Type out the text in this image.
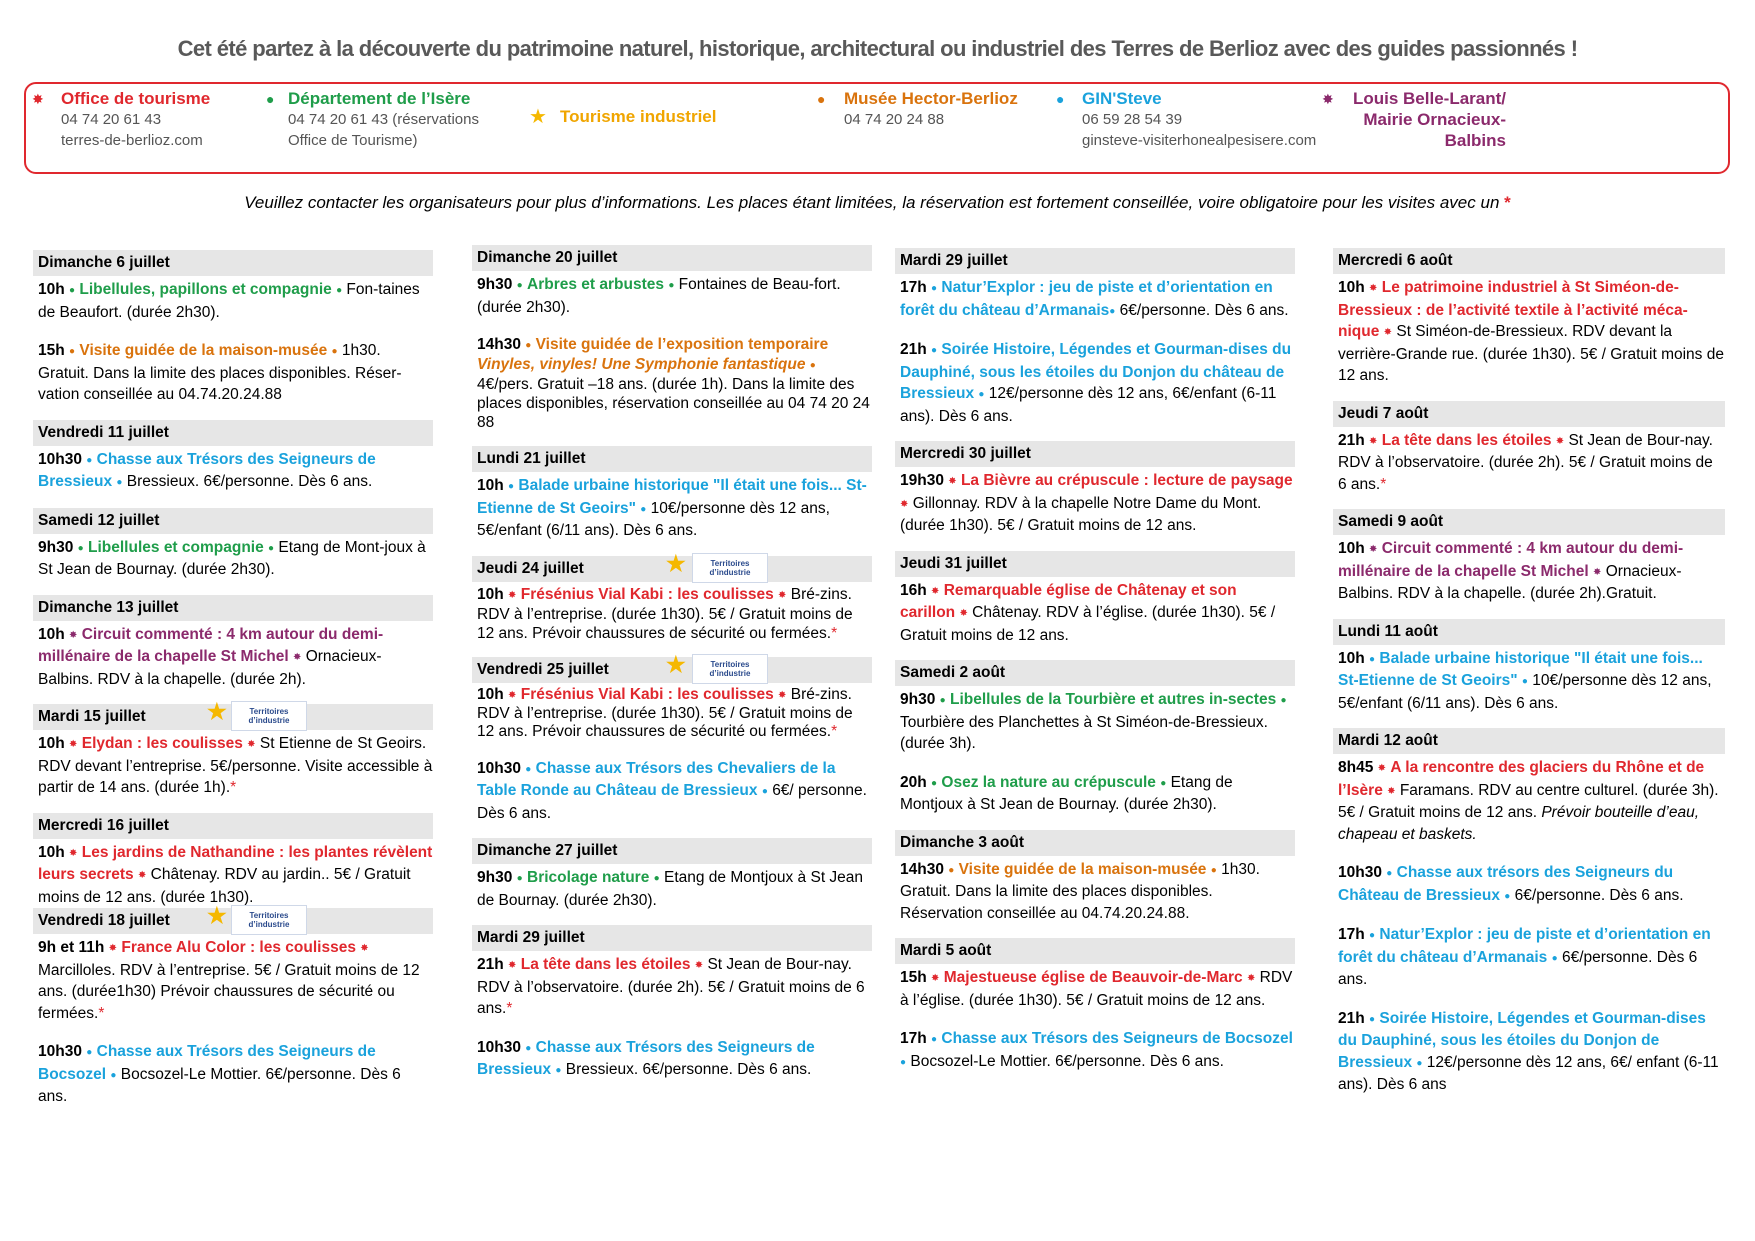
Cet été partez à la découverte du patrimoine naturel, historique, architectural ou industriel des Terres de Berlioz avec des guides passionnés !
✸ Office de tourisme
04 74 20 61 43
terres-de-berlioz.com
● Département de l’Isère
04 74 20 61 43 (réservations
Office de Tourisme)
★ Tourisme industriel
● Musée Hector-Berlioz
04 74 20 24 88
● GIN'Steve
06 59 28 54 39
ginsteve-visiterhonealpesisere.com
✸	Louis Belle-Larant/
Mairie Ornacieux-
Balbins
Veuillez contacter les organisateurs pour plus d’informations. Les places étant limitées, la réservation est fortement conseillée, voire obligatoire pour les visites avec un *
Dimanche 6 juillet
10h ● Libellules, papillons et compagnie ● Fon-taines de Beaufort. (durée 2h30).
15h ● Visite guidée de la maison-musée ● 1h30. Gratuit. Dans la limite des places disponibles. Réser-vation conseillée au 04.74.20.24.88
Vendredi 11 juillet
10h30 ● Chasse aux Trésors des Seigneurs de Bressieux ● Bressieux. 6€/personne. Dès 6 ans.
Samedi 12 juillet
9h30 ● Libellules et compagnie ● Etang de Mont-joux à St Jean de Bournay. (durée 2h30).
Dimanche 13 juillet
10h ✸ Circuit commenté : 4 km autour du demi-millénaire de la chapelle St Michel ✸ Ornacieux-Balbins. RDV à la chapelle. (durée 2h).
Mardi 15 juillet	★	Territoires d’industrie
10h ✸ Elydan : les coulisses ✸ St Etienne de St Geoirs. RDV devant l’entreprise. 5€/personne. Visite accessible à partir de 14 ans. (durée 1h).*
Mercredi 16 juillet
10h ✸ Les jardins de Nathandine : les plantes révèlent leurs secrets ✸ Châtenay. RDV au jardin.. 5€ / Gratuit moins de 12 ans. (durée 1h30).
Vendredi 18 juillet ★	Territoires d’industrie
9h et 11h ✸ France Alu Color : les coulisses ✸ Marcilloles. RDV à l’entreprise. 5€ / Gratuit moins de 12 ans. (durée1h30) Prévoir chaussures de sécurité ou fermées.*
10h30 ● Chasse aux Trésors des Seigneurs de Bocsozel ● Bocsozel-Le Mottier. 6€/personne. Dès 6 ans.
Dimanche 20 juillet
9h30 ● Arbres et arbustes ● Fontaines de Beau-fort. (durée 2h30).
14h30 ● Visite guidée de l’exposition temporaire Vinyles, vinyles! Une Symphonie fantastique ● 4€/pers. Gratuit –18 ans. (durée 1h). Dans la limite des places disponibles, réservation conseillée au 04 74 20 24 88
Lundi 21 juillet
10h ● Balade urbaine historique "Il était une fois... St-Etienne de St Geoirs" ● 10€/personne dès 12 ans, 5€/enfant (6/11 ans). Dès 6 ans.
Jeudi 24 juillet	★	Territoires d’industrie
10h ✸ Frésénius Vial Kabi : les coulisses ✸ Bré-zins. RDV à l’entreprise. (durée 1h30). 5€ / Gratuit moins de 12 ans. Prévoir chaussures de sécurité ou fermées.*
Vendredi 25 juillet	★	Territoires d’industrie
10h ✸ Frésénius Vial Kabi : les coulisses ✸ Bré-zins. RDV à l’entreprise. (durée 1h30). 5€ / Gratuit moins de 12 ans. Prévoir chaussures de sécurité ou fermées.*
10h30 ● Chasse aux Trésors des Chevaliers de la Table Ronde au Château de Bressieux ● 6€/ personne. Dès 6 ans.
Dimanche 27 juillet
9h30 ● Bricolage nature ● Etang de Montjoux à St Jean de Bournay. (durée 2h30).
Mardi 29 juillet
21h ✸ La tête dans les étoiles ✸ St Jean de Bour-nay. RDV à l’observatoire. (durée 2h). 5€ / Gratuit moins de 6 ans.*
10h30 ● Chasse aux Trésors des Seigneurs de Bressieux ● Bressieux. 6€/personne. Dès 6 ans.
Mardi 29 juillet
17h ● Natur’Explor : jeu de piste et d’orientation en forêt du château d’Armanais● 6€/personne. Dès 6 ans.
21h ● Soirée Histoire, Légendes et Gourman-dises du Dauphiné, sous les étoiles du Donjon du château de Bressieux ● 12€/personne dès 12 ans, 6€/enfant (6-11 ans). Dès 6 ans.
Mercredi 30 juillet
19h30 ✸ La Bièvre au crépuscule : lecture de paysage ✸ Gillonnay. RDV à la chapelle Notre Dame du Mont. (durée 1h30). 5€ / Gratuit moins de 12 ans.
Jeudi 31 juillet
16h ✸ Remarquable église de Châtenay et son carillon ✸ Châtenay. RDV à l’église. (durée 1h30). 5€ / Gratuit moins de 12 ans.
Samedi 2 août
9h30 ● Libellules de la Tourbière et autres in-sectes ● Tourbière des Planchettes à St Siméon-de-Bressieux. (durée 3h).
20h ● Osez la nature au crépuscule ● Etang de Montjoux à St Jean de Bournay. (durée 2h30).
Dimanche 3 août
14h30 ● Visite guidée de la maison-musée ● 1h30. Gratuit. Dans la limite des places disponibles. Réservation conseillée au 04.74.20.24.88.
Mardi 5 août
15h ✸ Majestueuse église de Beauvoir-de-Marc ✸ RDV à l’église. (durée 1h30). 5€ / Gratuit moins de 12 ans.
17h ● Chasse aux Trésors des Seigneurs de Bocsozel ● Bocsozel-Le Mottier. 6€/personne. Dès 6 ans.
Mercredi 6 août
10h ✸ Le patrimoine industriel à St Siméon-de-Bressieux : de l’activité textile à l’activité méca-nique ✸ St Siméon-de-Bressieux. RDV devant la verrière-Grande rue. (durée 1h30). 5€ / Gratuit moins de 12 ans.
Jeudi 7 août
21h ✸ La tête dans les étoiles ✸ St Jean de Bour-nay. RDV à l’observatoire. (durée 2h). 5€ / Gratuit moins de 6 ans.*
Samedi 9 août
10h ✸ Circuit commenté : 4 km autour du demi-millénaire de la chapelle St Michel ✸ Ornacieux-Balbins. RDV à la chapelle. (durée 2h).Gratuit.
Lundi 11 août
10h ● Balade urbaine historique "Il était une fois... St-Etienne de St Geoirs" ● 10€/personne dès 12 ans, 5€/enfant (6/11 ans). Dès 6 ans.
Mardi 12 août
8h45 ✸ A la rencontre des glaciers du Rhône et de l’Isère ✸ Faramans. RDV au centre culturel. (durée 3h). 5€ / Gratuit moins de 12 ans. Prévoir bouteille d’eau, chapeau et baskets.
10h30 ● Chasse aux trésors des Seigneurs du Château de Bressieux ● 6€/personne. Dès 6 ans.
17h ● Natur’Explor : jeu de piste et d’orientation en forêt du château d’Armanais ● 6€/personne. Dès 6 ans.
21h ● Soirée Histoire, Légendes et Gourman-dises du Dauphiné, sous les étoiles du Donjon de Bressieux ● 12€/personne dès 12 ans, 6€/ enfant (6-11 ans). Dès 6 ans
